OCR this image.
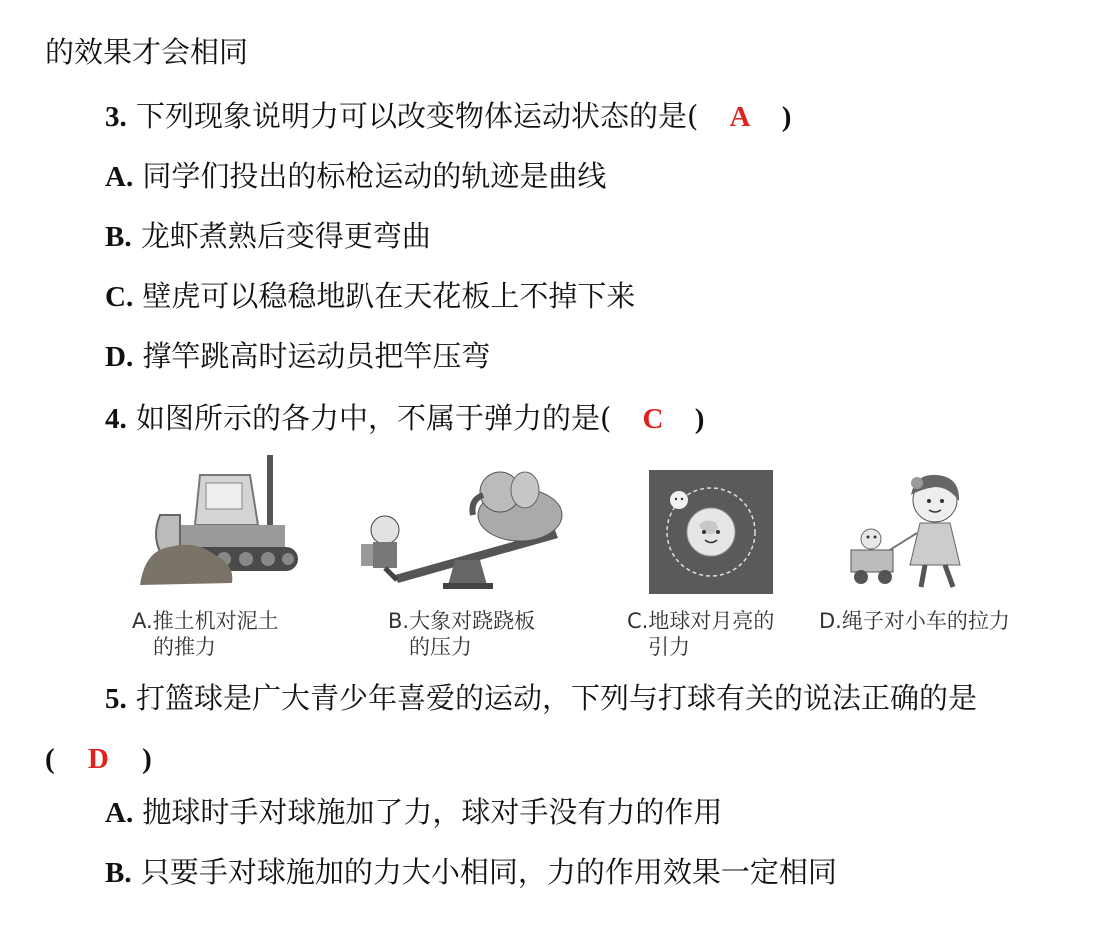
的效果才会相同
3. 下列现象说明力可以改变物体运动状态的是( A )
A. 同学们投出的标枪运动的轨迹是曲线
B. 龙虾煮熟后变得更弯曲
C. 壁虎可以稳稳地趴在天花板上不掉下来
D. 撑竿跳高时运动员把竿压弯
4. 如图所示的各力中，不属于弹力的是( C )
A.推土机对泥土
的推力
B.大象对跷跷板
的压力
C.地球对月亮的
引力
D.绳子对小车的拉力
5. 打篮球是广大青少年喜爱的运动，下列与打球有关的说法正确的是
( D )
A. 抛球时手对球施加了力，球对手没有力的作用
B. 只要手对球施加的力大小相同，力的作用效果一定相同
